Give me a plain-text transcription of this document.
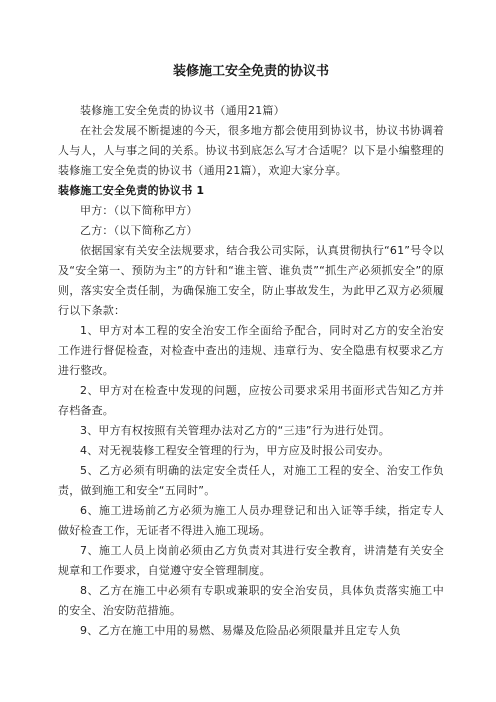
装修施工安全免责的协议书

装修施工安全免责的协议书（通用21篇）

在社会发展不断提速的今天，很多地方都会使用到协议书，协议书协调着人与人，人与事之间的关系。协议书到底怎么写才合适呢？以下是小编整理的装修施工安全免责的协议书（通用21篇），欢迎大家分享。

装修施工安全免责的协议书 1

甲方：（以下简称甲方）

乙方：（以下简称乙方）

依据国家有关安全法规要求，结合我公司实际，认真贯彻执行“61”号令以及“安全第一、预防为主”的方针和“谁主管、谁负责”“抓生产必须抓安全”的原则，落实安全责任制，为确保施工安全，防止事故发生，为此甲乙双方必须履行以下条款：

1、甲方对本工程的安全治安工作全面给予配合，同时对乙方的安全治安工作进行督促检查，对检查中查出的违规、违章行为、安全隐患有权要求乙方进行整改。

2、甲方对在检查中发现的问题，应按公司要求采用书面形式告知乙方并存档备查。

3、甲方有权按照有关管理办法对乙方的“三违”行为进行处罚。

4、对无视装修工程安全管理的行为，甲方应及时报公司安办。

5、乙方必须有明确的法定安全责任人，对施工工程的安全、治安工作负责，做到施工和安全“五同时”。

6、施工进场前乙方必须为施工人员办理登记和出入证等手续，指定专人做好检查工作，无证者不得进入施工现场。

7、施工人员上岗前必须由乙方负责对其进行安全教育，讲清楚有关安全规章和工作要求，自觉遵守安全管理制度。

8、乙方在施工中必须有专职或兼职的安全治安员，具体负责落实施工中的安全、治安防范措施。

9、乙方在施工中用的易燃、易爆及危险品必须限量并且定专人负
